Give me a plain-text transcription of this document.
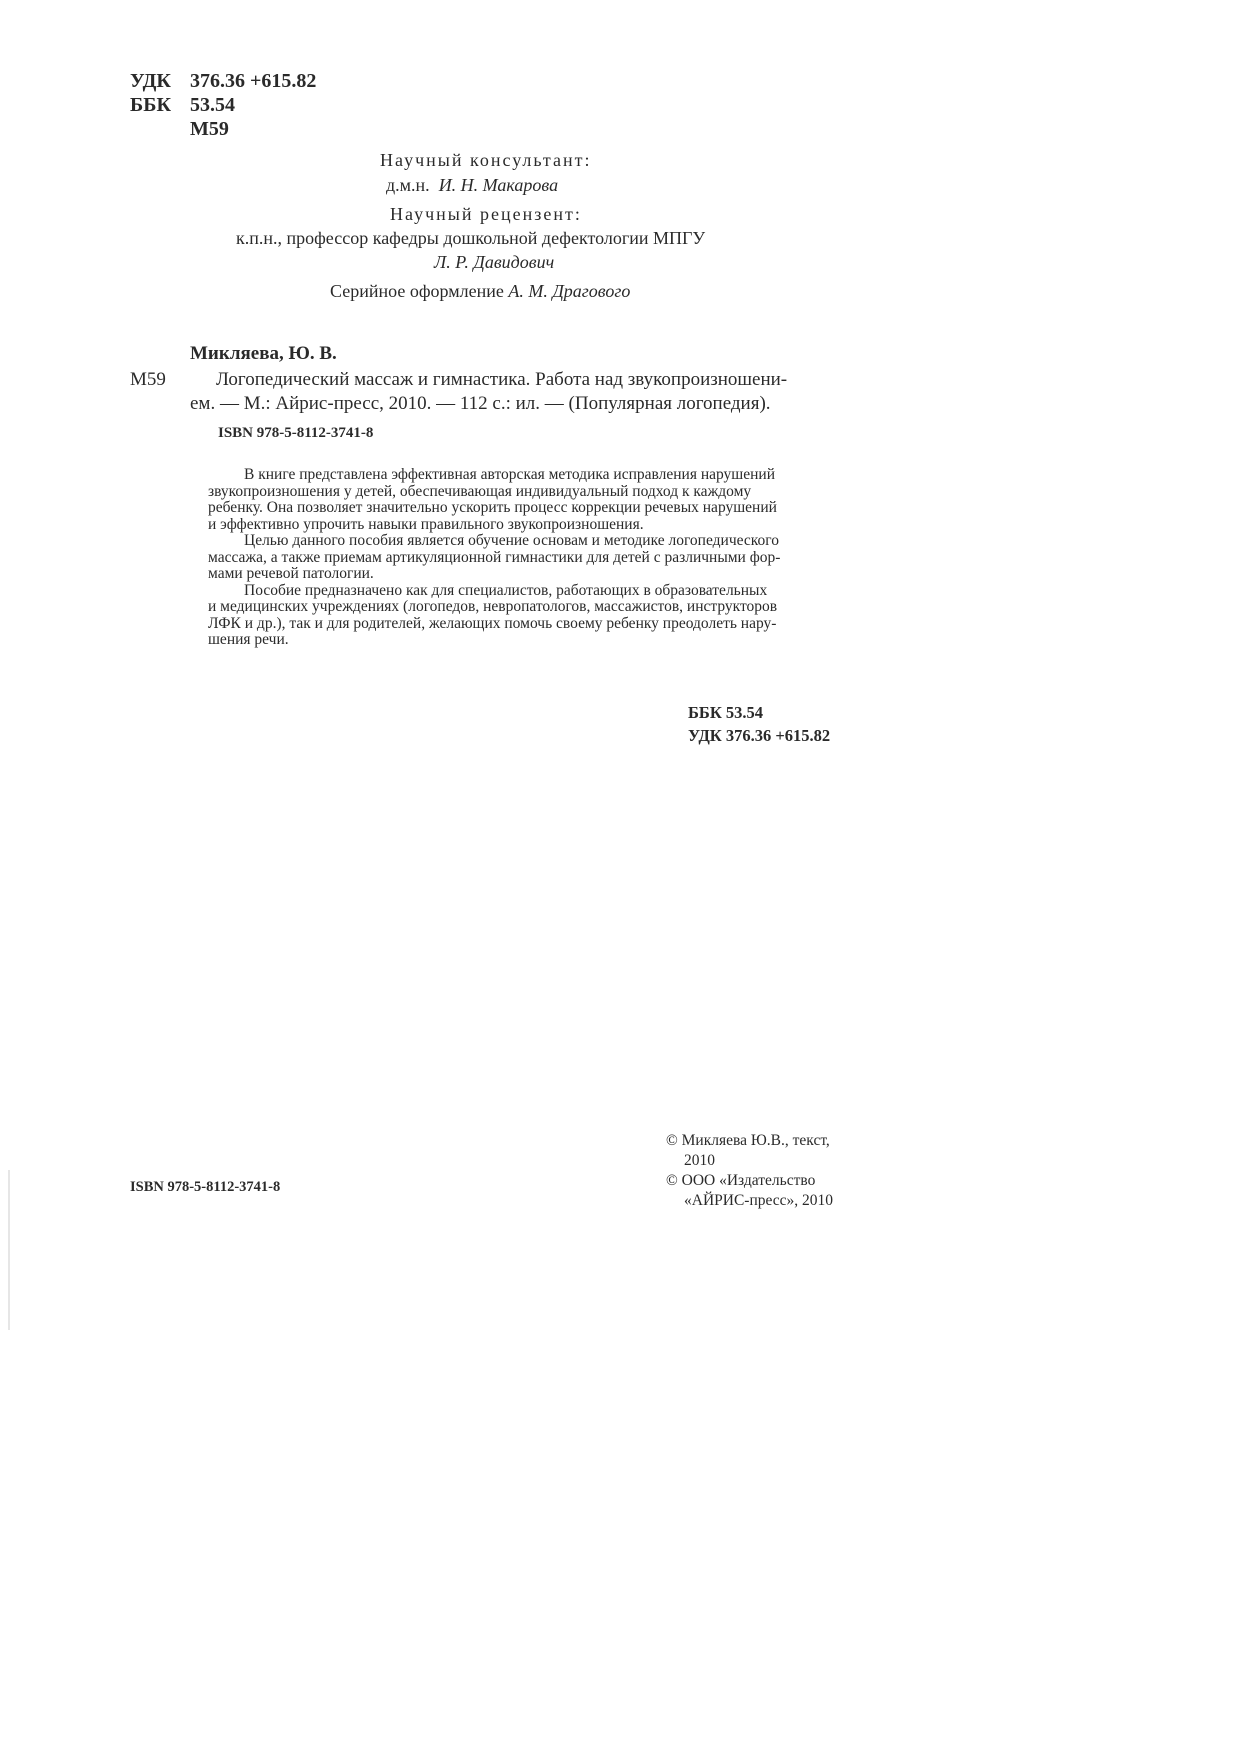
УДК 376.36 +615.82
ББК 53.54
М59
Научный консультант:
д.м.н. И. Н. Макарова
Научный рецензент:
к.п.н., профессор кафедры дошкольной дефектологии МПГУ
Л. Р. Давидович
Серийное оформление А. М. Драгового
Микляева, Ю. В.
М59	Логопедический массаж и гимнастика. Работа над звукопроизношени-
ем. — М.: Айрис-пресс, 2010. — 112 с.: ил. — (Популярная логопедия).
ISBN 978-5-8112-3741-8

В книге представлена эффективная авторская методика исправления нарушений

звукопроизношения у детей, обеспечивающая индивидуальный подход к каждому

ребенку. Она позволяет значительно ускорить процесс коррекции речевых нарушений

и эффективно упрочить навыки правильного звукопроизношения.

Целью данного пособия является обучение основам и методике логопедического

массажа, а также приемам артикуляционной гимнастики для детей с различными фор-

мами речевой патологии.

Пособие предназначено как для специалистов, работающих в образовательных

и медицинских учреждениях (логопедов, невропатологов, массажистов, инструкторов

ЛФК и др.), так и для родителей, желающих помочь своему ребенку преодолеть нару-

шения речи.

ББК 53.54
УДК 376.36 +615.82
ISBN 978-5-8112-3741-8
© Микляева Ю.В., текст,
2010
© ООО «Издательство
«АЙРИС-пресс», 2010
